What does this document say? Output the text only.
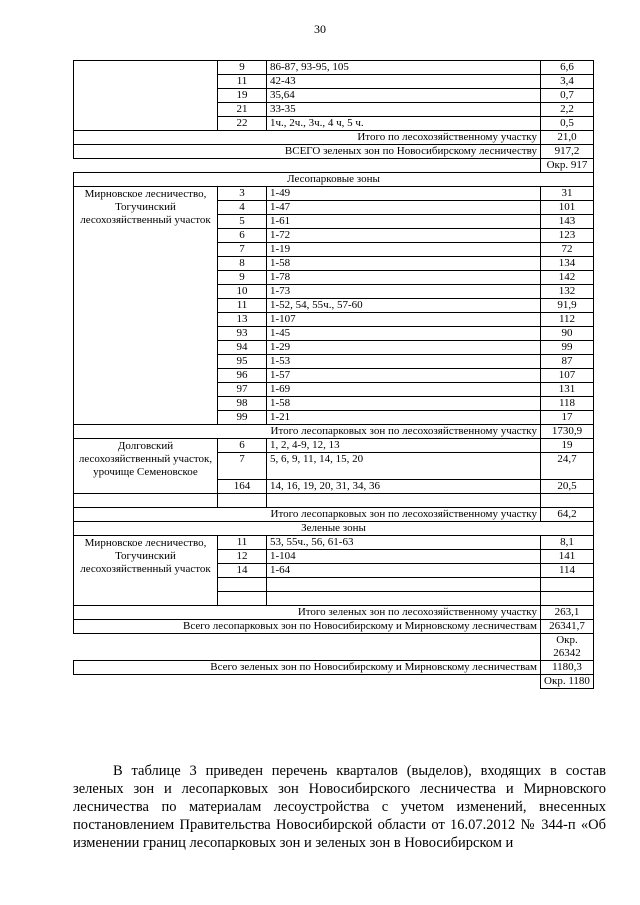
30
	9	86-87, 93-95, 105	6,6
	11	42-43	3,4
	19	35,64	0,7
	21	33-35	2,2
	22	1ч., 2ч., 3ч., 4 ч, 5 ч.	0,5
Итого по лесохозяйственному участку			21,0
ВСЕГО зеленых зон по Новосибирскому лесничеству			917,2
			Окр. 917
Лесопарковые зоны			
Мирновское лесничество, Тогучинский лесохозяйственный участок	3	1-49	31
	4	1-47	101
	5	1-61	143
	6	1-72	123
	7	1-19	72
	8	1-58	134
	9	1-78	142
	10	1-73	132
	11	1-52, 54, 55ч., 57-60	91,9
	13	1-107	112
	93	1-45	90
	94	1-29	99
	95	1-53	87
	96	1-57	107
	97	1-69	131
	98	1-58	118
	99	1-21	17
Итого лесопарковых зон по лесохозяйственному участку			1730,9
Долговский лесохозяйственный участок, урочище Семеновское	6	1, 2, 4-9, 12, 13	19
	7	5, 6, 9, 11, 14, 15, 20	24,7
	164	14, 16, 19, 20, 31, 34, 36	20,5

Итого лесопарковых зон по лесохозяйственному участку			64,2
Зеленые зоны			
Мирновское лесничество, Тогучинский лесохозяйственный участок	11	53, 55ч., 56, 61-63	8,1
	12	1-104	141
	14	1-64	114

Итого зеленых зон по лесохозяйственному участку			263,1
Всего лесопарковых зон по Новосибирскому и Мирновскому лесничествам			26341,7
			Окр. 26342
Всего зеленых зон по Новосибирскому и Мирновскому лесничествам			1180,3
			Окр. 1180

В таблице 3 приведен перечень кварталов (выделов), входящих в состав зеленых зон и лесопарковых зон Новосибирского лесничества и Мирновского лесничества по материалам лесоустройства с учетом изменений, внесенных постановлением Правительства Новосибирской области от 16.07.2012 № 344-п «Об изменении границ лесопарковых зон и зеленых зон в Новосибирском и
